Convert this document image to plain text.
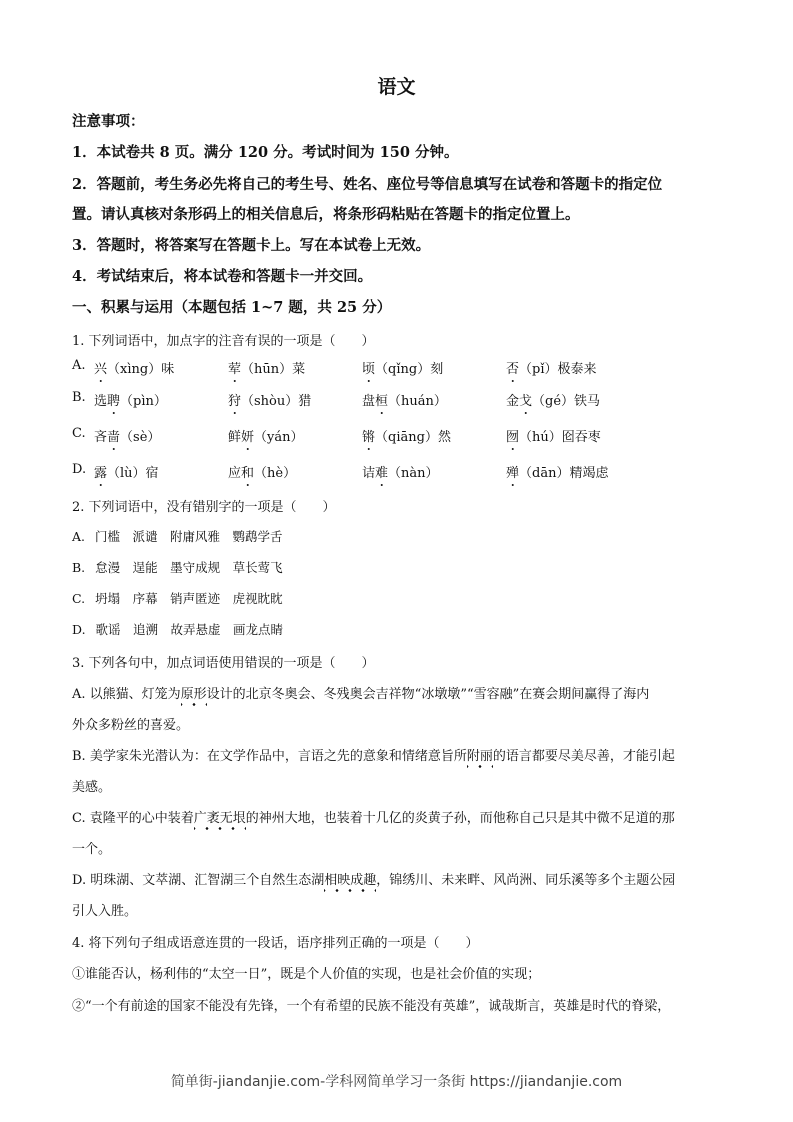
语文
注意事项：
1．本试卷共 8 页。满分 120 分。考试时间为 150 分钟。
2．答题前，考生务必先将自己的考生号、姓名、座位号等信息填写在试卷和答题卡的指定位
置。请认真核对条形码上的相关信息后，将条形码粘贴在答题卡的指定位置上。
3．答题时，将答案写在答题卡上。写在本试卷上无效。
4．考试结束后，将本试卷和答题卡一并交回。
一、积累与运用（本题包括 1~7 题，共 25 分）
1. 下列词语中，加点字的注音有误的一项是（　　）
A. 兴（xìng）味	荤（hūn）菜	顷（qǐng）刻	否（pǐ）极泰来
B. 选聘（pìn）	狩（shòu）猎	盘桓（huán）	金戈（gé）铁马
C. 吝啬（sè）	鲜妍（yán）	锵（qiāng）然	囫（hú）囵吞枣
D. 露（lù）宿	应和（hè）	诘难（nàn）	殚（dān）精竭虑
2. 下列词语中，没有错别字的一项是（　　）
A. 门槛　派谴　附庸风雅　鹦鹉学舌
B. 怠漫　逞能　墨守成规　草长莺飞
C. 坍塌　序幕　销声匿迹　虎视眈眈
D. 歌谣　追溯　故弄悬虚　画龙点睛
3. 下列各句中，加点词语使用错误的一项是（　　）
A. 以熊猫、灯笼为原形设计的北京冬奥会、冬残奥会吉祥物“冰墩墩”“雪容融”在赛会期间赢得了海内
外众多粉丝的喜爱。
B. 美学家朱光潜认为：在文学作品中，言语之先的意象和情绪意旨所附丽的语言都要尽美尽善，才能引起
美感。
C. 袁隆平的心中装着广袤无垠的神州大地，也装着十几亿的炎黄子孙，而他称自己只是其中微不足道的那
一个。
D. 明珠湖、文萃湖、汇智湖三个自然生态湖相映成趣，锦绣川、未来畔、风尚洲、同乐溪等多个主题公园
引人入胜。
4. 将下列句子组成语意连贯的一段话，语序排列正确的一项是（　　）
①谁能否认，杨利伟的“太空一日”，既是个人价值的实现，也是社会价值的实现；
②“一个有前途的国家不能没有先锋，一个有希望的民族不能没有英雄”，诚哉斯言，英雄是时代的脊梁，
简单街-jiandanjie.com-学科网简单学习一条街 https://jiandanjie.com
